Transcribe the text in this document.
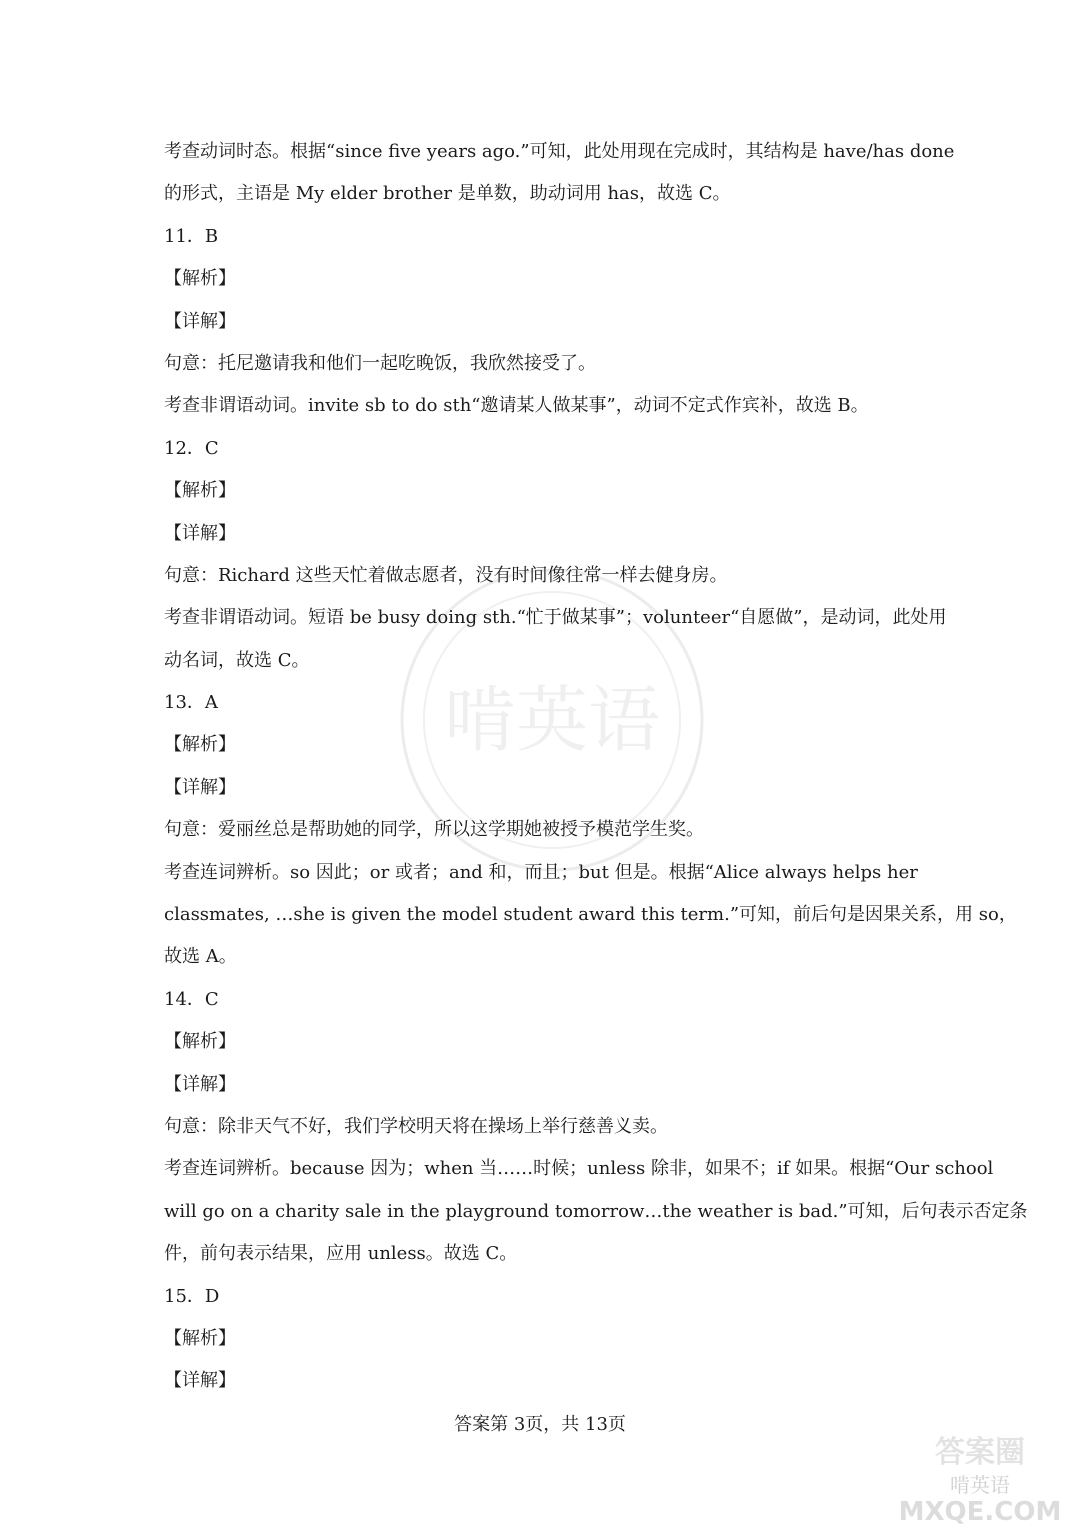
啃英语
考查动词时态。根据“since five years ago.”可知，此处用现在完成时，其结构是 have/has done
的形式，主语是 My elder brother 是单数，助动词用 has，故选 C。
11．B
【解析】
【详解】
句意：托尼邀请我和他们一起吃晚饭，我欣然接受了。
考查非谓语动词。invite sb to do sth“邀请某人做某事”，动词不定式作宾补，故选 B。
12．C
【解析】
【详解】
句意：Richard 这些天忙着做志愿者，没有时间像往常一样去健身房。
考查非谓语动词。短语 be busy doing sth.“忙于做某事”；volunteer“自愿做”，是动词，此处用
动名词，故选 C。
13．A
【解析】
【详解】
句意：爱丽丝总是帮助她的同学，所以这学期她被授予模范学生奖。
考查连词辨析。so 因此；or 或者；and 和，而且；but 但是。根据“Alice always helps her
classmates, …she is given the model student award this term.”可知，前后句是因果关系，用 so，
故选 A。
14．C
【解析】
【详解】
句意：除非天气不好，我们学校明天将在操场上举行慈善义卖。
考查连词辨析。because 因为；when 当……时候；unless 除非，如果不；if 如果。根据“Our school
will go on a charity sale in the playground tomorrow…the weather is bad.”可知，后句表示否定条
件，前句表示结果，应用 unless。故选 C。
15．D
【解析】
【详解】
答案第 3页，共 13页
答案圈
啃英语
MXQE.COM
